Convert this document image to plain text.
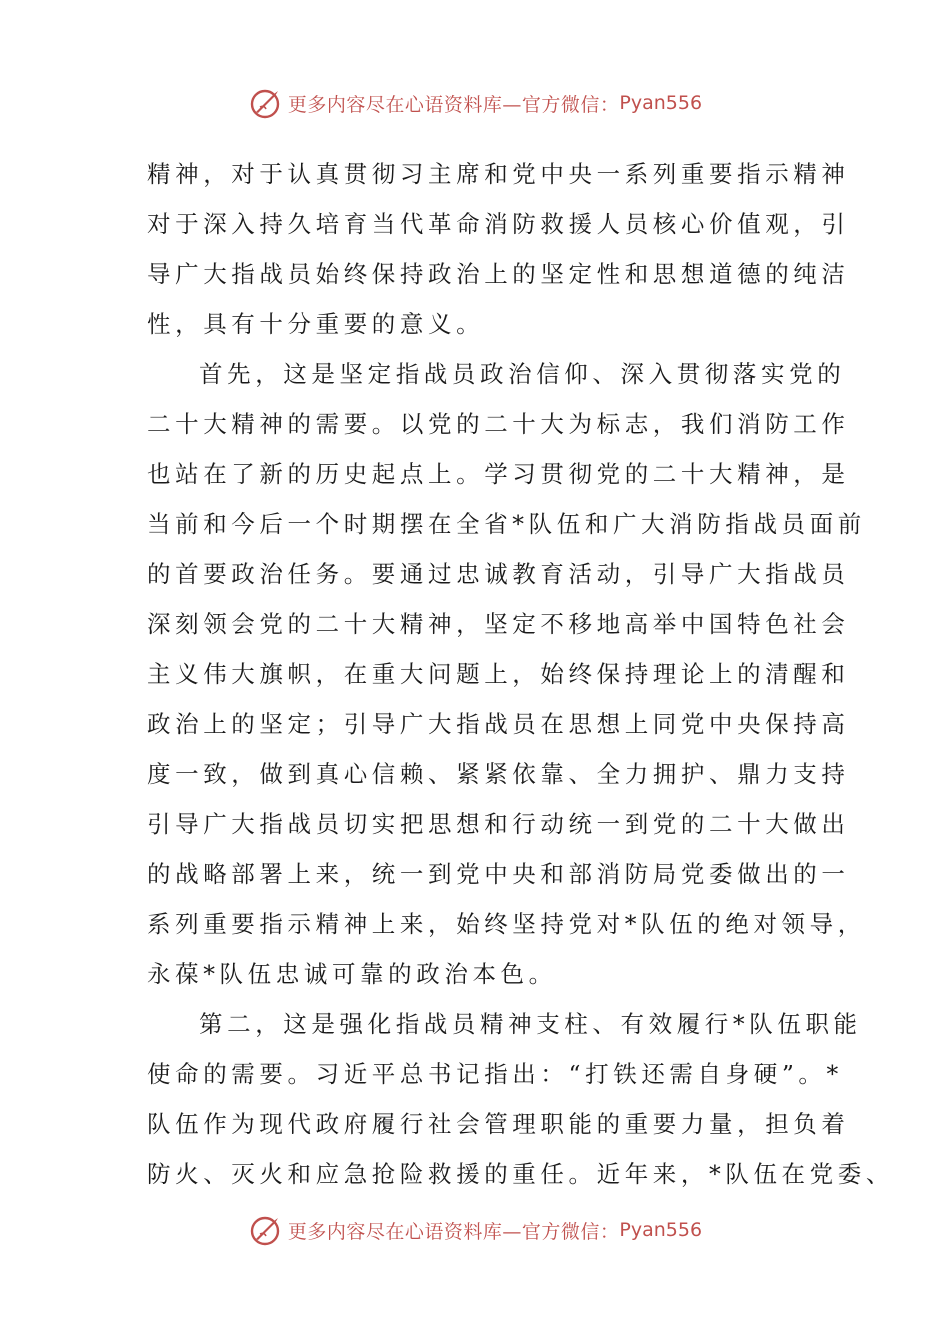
更多内容尽在心语资料库—官方微信： Pyan556
精神，对于认真贯彻习主席和党中央一系列重要指示精神
对于深入持久培育当代革命消防救援人员核心价值观，引
导广大指战员始终保持政治上的坚定性和思想道德的纯洁
性，具有十分重要的意义。
首先，这是坚定指战员政治信仰、深入贯彻落实党的
二十大精神的需要。以党的二十大为标志，我们消防工作
也站在了新的历史起点上。学习贯彻党的二十大精神，是
当前和今后一个时期摆在全省*队伍和广大消防指战员面前
的首要政治任务。要通过忠诚教育活动，引导广大指战员
深刻领会党的二十大精神，坚定不移地高举中国特色社会
主义伟大旗帜，在重大问题上，始终保持理论上的清醒和
政治上的坚定；引导广大指战员在思想上同党中央保持高
度一致，做到真心信赖、紧紧依靠、全力拥护、鼎力支持
引导广大指战员切实把思想和行动统一到党的二十大做出
的战略部署上来，统一到党中央和部消防局党委做出的一
系列重要指示精神上来，始终坚持党对*队伍的绝对领导，
永葆*队伍忠诚可靠的政治本色。
第二，这是强化指战员精神支柱、有效履行*队伍职能
使命的需要。习近平总书记指出：“打铁还需自身硬”。*
队伍作为现代政府履行社会管理职能的重要力量，担负着
防火、灭火和应急抢险救援的重任。近年来，*队伍在党委、
更多内容尽在心语资料库—官方微信： Pyan556
